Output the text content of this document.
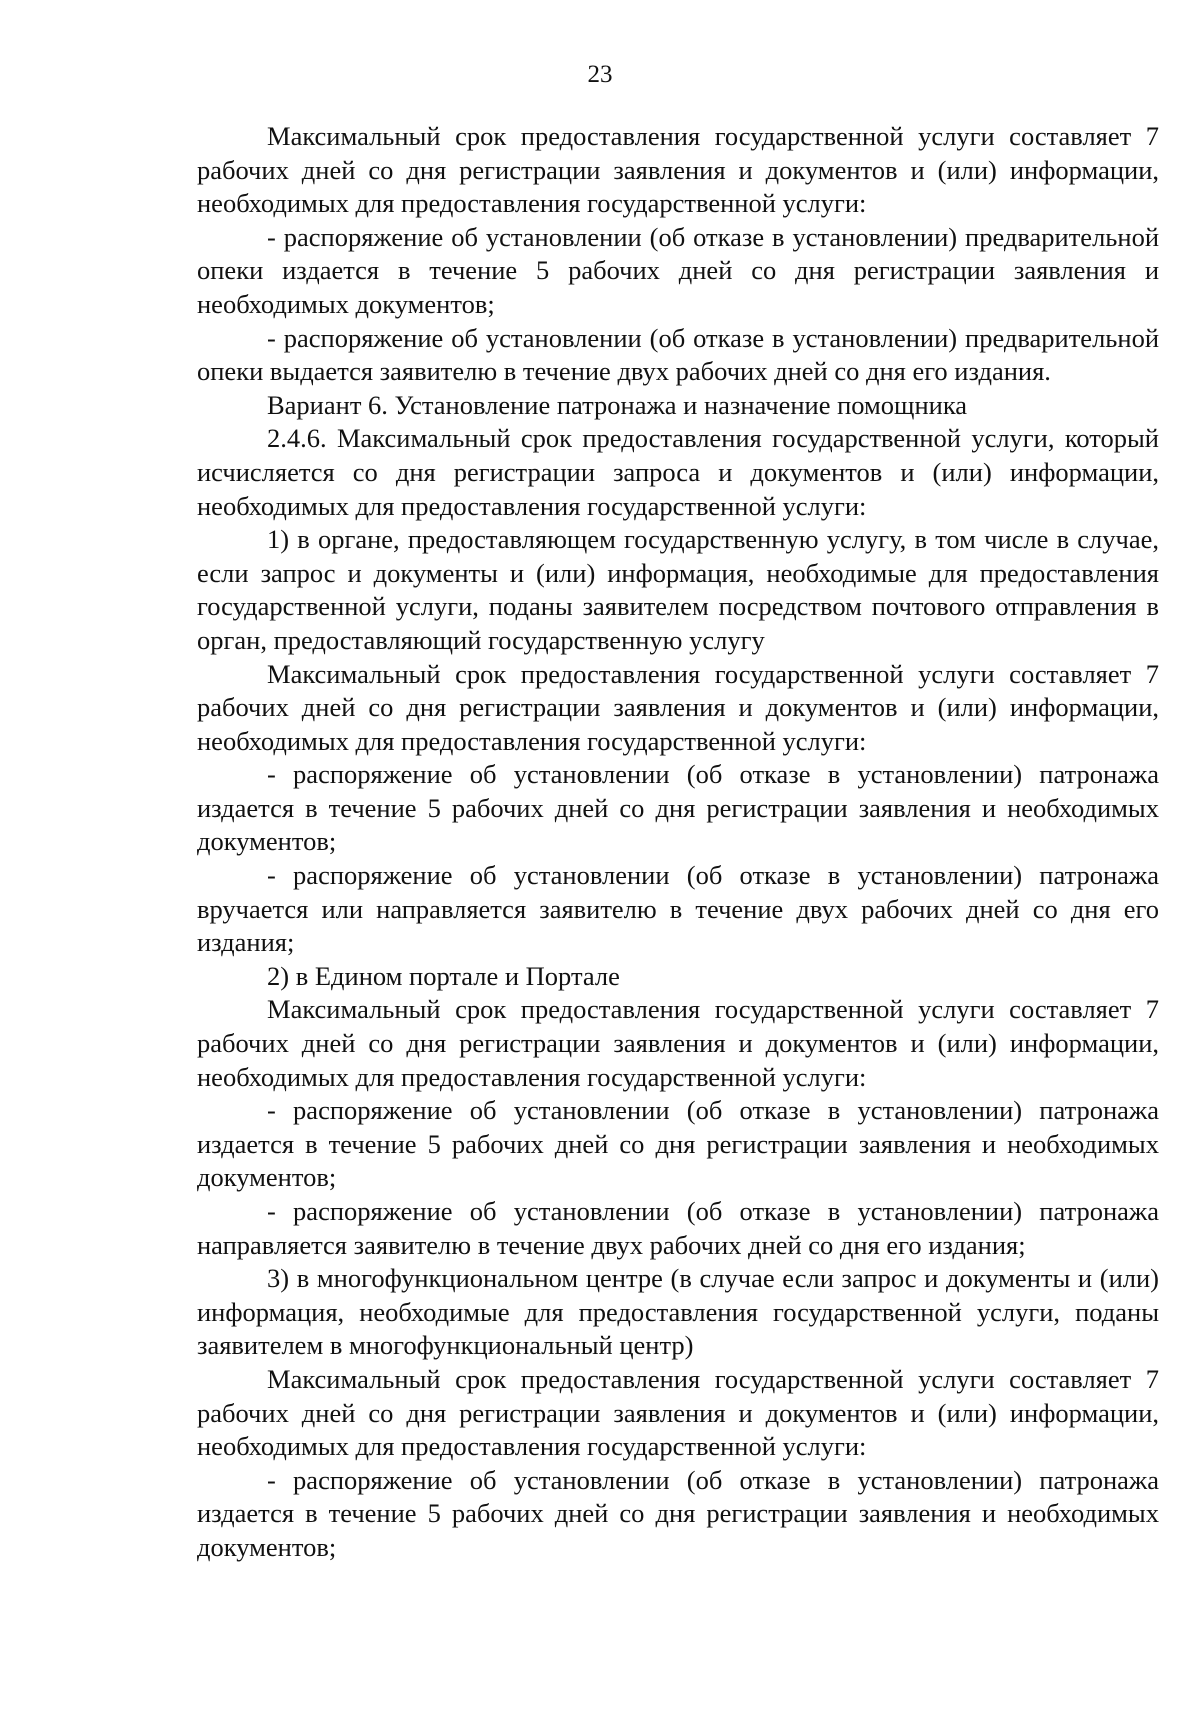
23

Максимальный срок предоставления государственной услуги составляет 7 рабочих дней со дня регистрации заявления и документов и (или) информации, необходимых для предоставления государственной услуги:

- распоряжение об установлении (об отказе в установлении) предварительной опеки издается в течение 5 рабочих дней со дня регистрации заявления и необходимых документов;

- распоряжение об установлении (об отказе в установлении) предварительной опеки выдается заявителю в течение двух рабочих дней со дня его издания.

Вариант 6. Установление патронажа и назначение помощника

2.4.6. Максимальный срок предоставления государственной услуги, который исчисляется со дня регистрации запроса и документов и (или) информации, необходимых для предоставления государственной услуги:

1) в органе, предоставляющем государственную услугу, в том числе в случае, если запрос и документы и (или) информация, необходимые для предоставления государственной услуги, поданы заявителем посредством почтового отправления в орган, предоставляющий государственную услугу

Максимальный срок предоставления государственной услуги составляет 7 рабочих дней со дня регистрации заявления и документов и (или) информации, необходимых для предоставления государственной услуги:

- распоряжение об установлении (об отказе в установлении) патронажа издается в течение 5 рабочих дней со дня регистрации заявления и необходимых документов;

- распоряжение об установлении (об отказе в установлении) патронажа вручается или направляется заявителю в течение двух рабочих дней со дня его издания;

2) в Едином портале и Портале

Максимальный срок предоставления государственной услуги составляет 7 рабочих дней со дня регистрации заявления и документов и (или) информации, необходимых для предоставления государственной услуги:

- распоряжение об установлении (об отказе в установлении) патронажа издается в течение 5 рабочих дней со дня регистрации заявления и необходимых документов;

- распоряжение об установлении (об отказе в установлении) патронажа направляется заявителю в течение двух рабочих дней со дня его издания;

3) в многофункциональном центре (в случае если запрос и документы и (или) информация, необходимые для предоставления государственной услуги, поданы заявителем в многофункциональный центр)

Максимальный срок предоставления государственной услуги составляет 7 рабочих дней со дня регистрации заявления и документов и (или) информации, необходимых для предоставления государственной услуги:

- распоряжение об установлении (об отказе в установлении) патронажа издается в течение 5 рабочих дней со дня регистрации заявления и необходимых документов;
